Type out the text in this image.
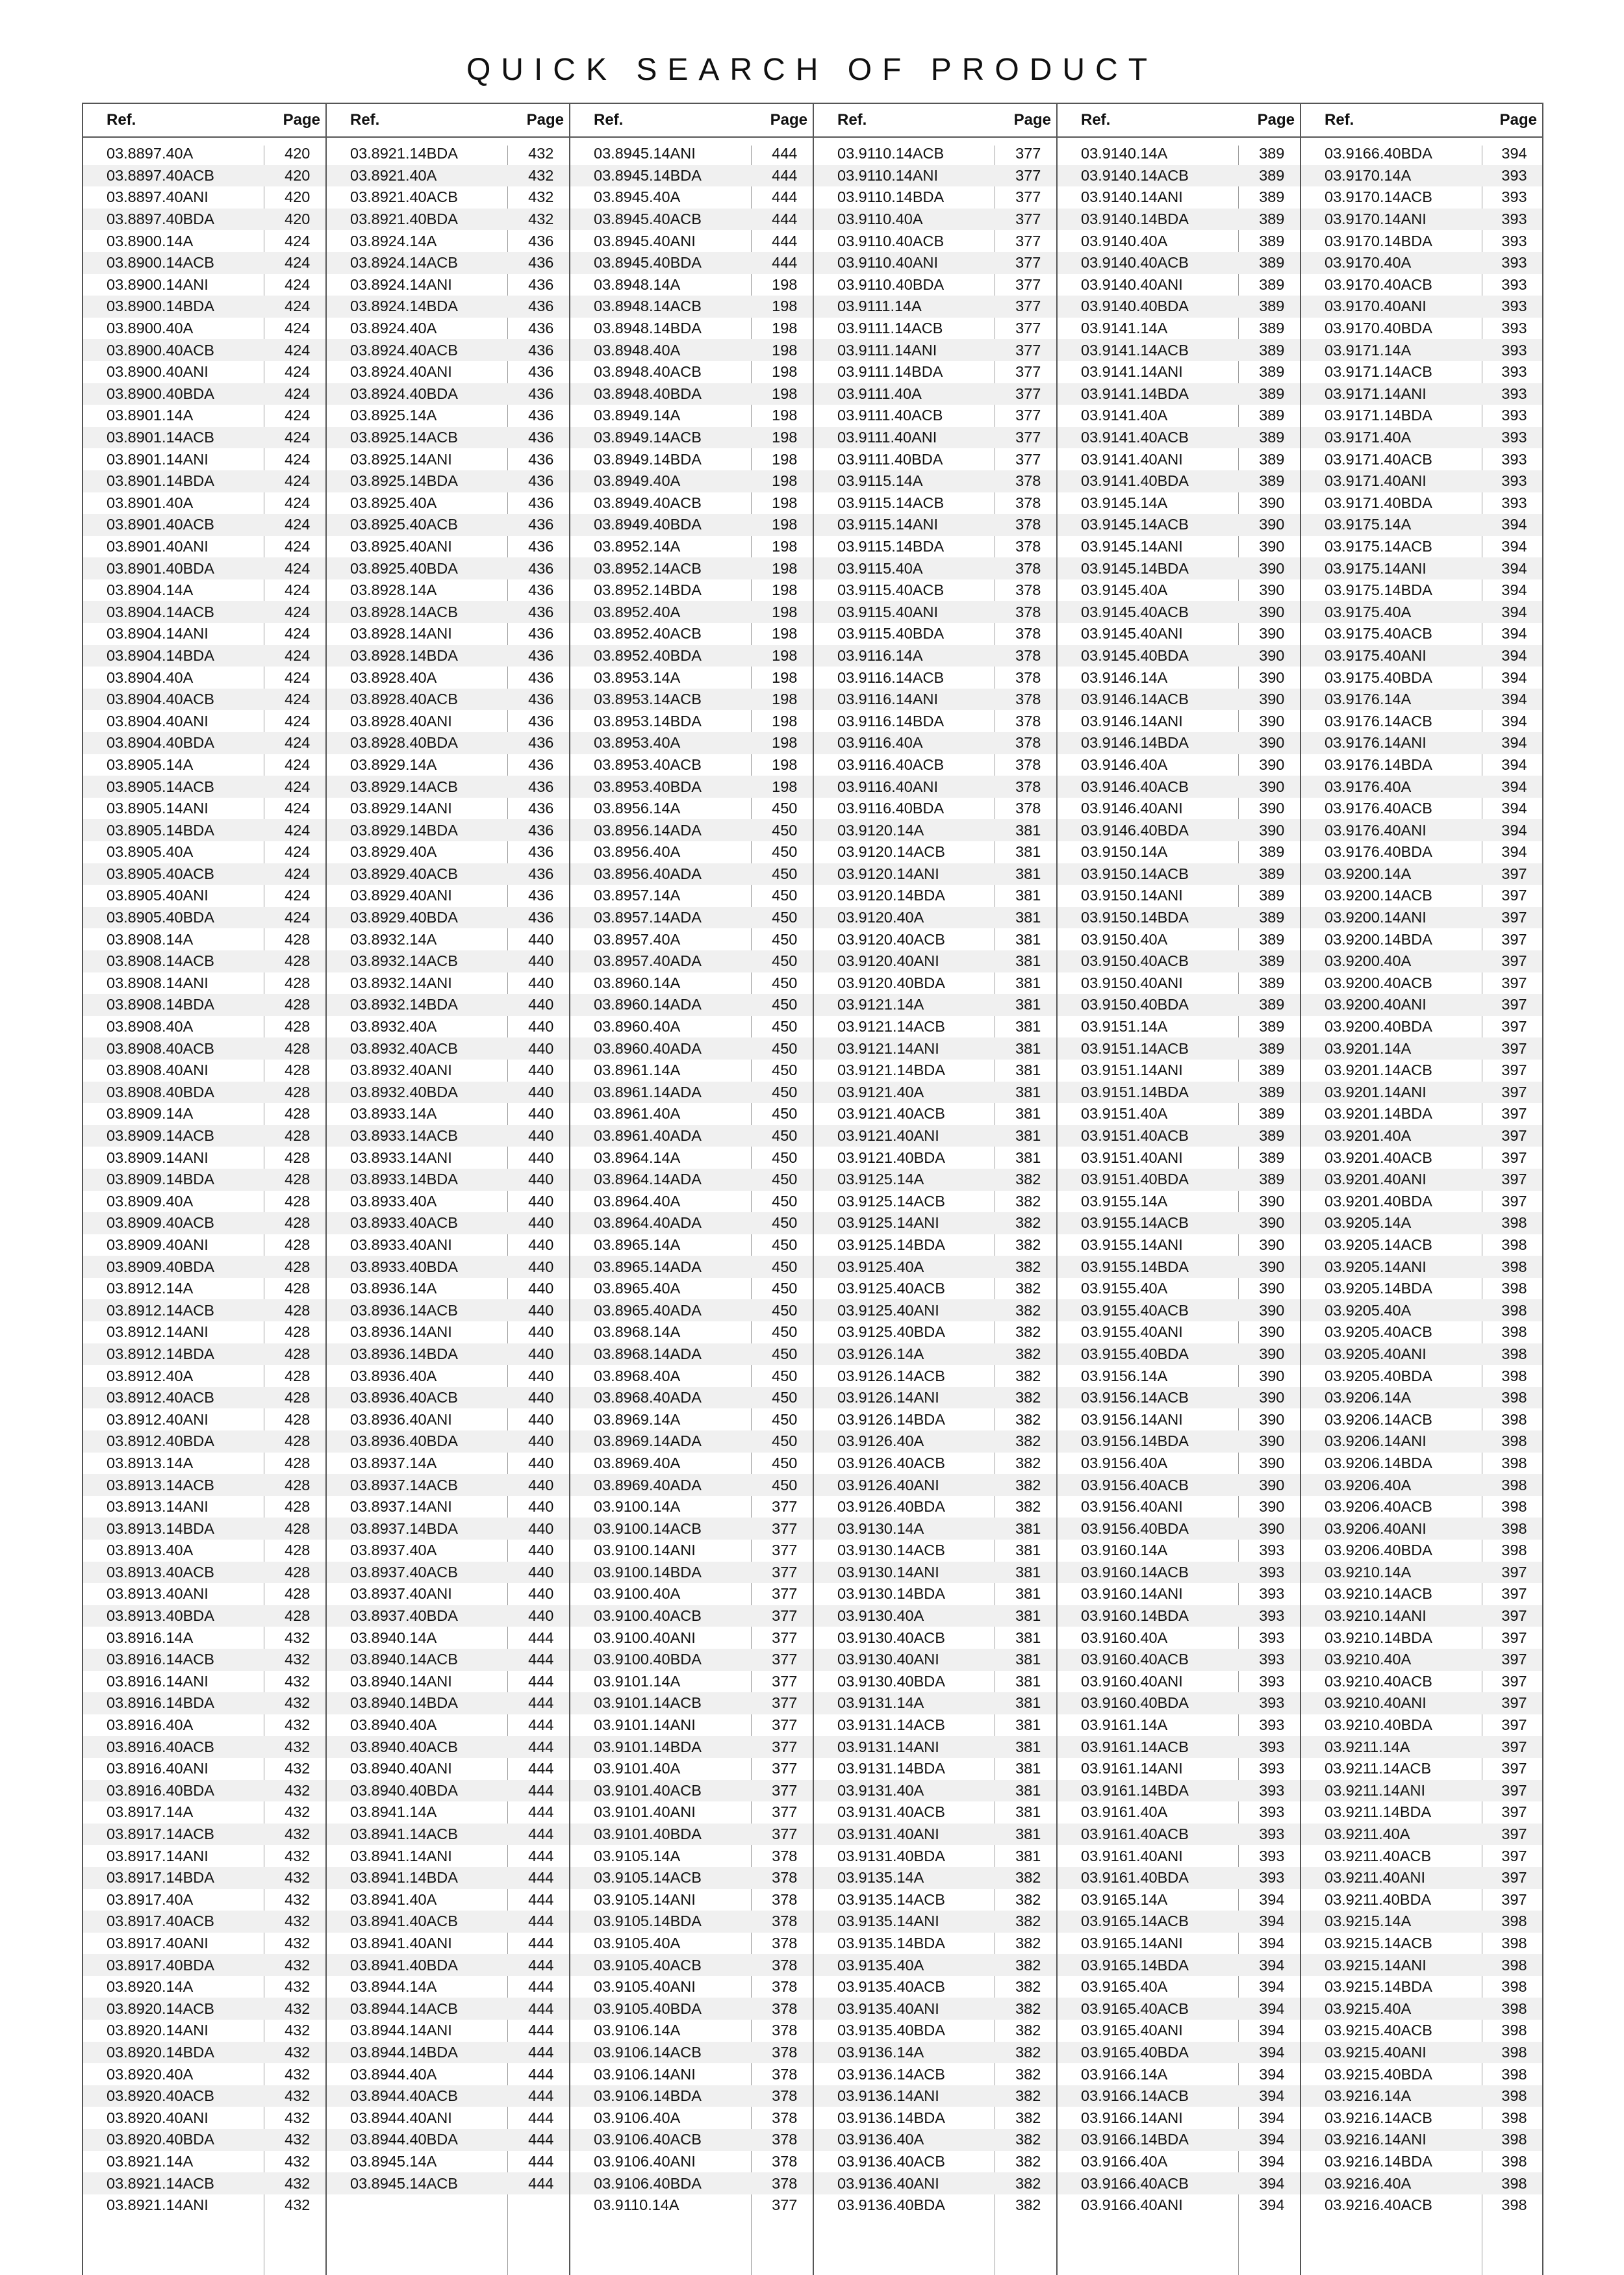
QUICK SEARCH OF PRODUCT
Ref.	Page
03.8897.40A	420
03.8897.40ACB	420
03.8897.40ANI	420
03.8897.40BDA	420
03.8900.14A	424
03.8900.14ACB	424
03.8900.14ANI	424
03.8900.14BDA	424
03.8900.40A	424
03.8900.40ACB	424
03.8900.40ANI	424
03.8900.40BDA	424
03.8901.14A	424
03.8901.14ACB	424
03.8901.14ANI	424
03.8901.14BDA	424
03.8901.40A	424
03.8901.40ACB	424
03.8901.40ANI	424
03.8901.40BDA	424
03.8904.14A	424
03.8904.14ACB	424
03.8904.14ANI	424
03.8904.14BDA	424
03.8904.40A	424
03.8904.40ACB	424
03.8904.40ANI	424
03.8904.40BDA	424
03.8905.14A	424
03.8905.14ACB	424
03.8905.14ANI	424
03.8905.14BDA	424
03.8905.40A	424
03.8905.40ACB	424
03.8905.40ANI	424
03.8905.40BDA	424
03.8908.14A	428
03.8908.14ACB	428
03.8908.14ANI	428
03.8908.14BDA	428
03.8908.40A	428
03.8908.40ACB	428
03.8908.40ANI	428
03.8908.40BDA	428
03.8909.14A	428
03.8909.14ACB	428
03.8909.14ANI	428
03.8909.14BDA	428
03.8909.40A	428
03.8909.40ACB	428
03.8909.40ANI	428
03.8909.40BDA	428
03.8912.14A	428
03.8912.14ACB	428
03.8912.14ANI	428
03.8912.14BDA	428
03.8912.40A	428
03.8912.40ACB	428
03.8912.40ANI	428
03.8912.40BDA	428
03.8913.14A	428
03.8913.14ACB	428
03.8913.14ANI	428
03.8913.14BDA	428
03.8913.40A	428
03.8913.40ACB	428
03.8913.40ANI	428
03.8913.40BDA	428
03.8916.14A	432
03.8916.14ACB	432
03.8916.14ANI	432
03.8916.14BDA	432
03.8916.40A	432
03.8916.40ACB	432
03.8916.40ANI	432
03.8916.40BDA	432
03.8917.14A	432
03.8917.14ACB	432
03.8917.14ANI	432
03.8917.14BDA	432
03.8917.40A	432
03.8917.40ACB	432
03.8917.40ANI	432
03.8917.40BDA	432
03.8920.14A	432
03.8920.14ACB	432
03.8920.14ANI	432
03.8920.14BDA	432
03.8920.40A	432
03.8920.40ACB	432
03.8920.40ANI	432
03.8920.40BDA	432
03.8921.14A	432
03.8921.14ACB	432
03.8921.14ANI	432
Ref.	Page
03.8921.14BDA	432
03.8921.40A	432
03.8921.40ACB	432
03.8921.40BDA	432
03.8924.14A	436
03.8924.14ACB	436
03.8924.14ANI	436
03.8924.14BDA	436
03.8924.40A	436
03.8924.40ACB	436
03.8924.40ANI	436
03.8924.40BDA	436
03.8925.14A	436
03.8925.14ACB	436
03.8925.14ANI	436
03.8925.14BDA	436
03.8925.40A	436
03.8925.40ACB	436
03.8925.40ANI	436
03.8925.40BDA	436
03.8928.14A	436
03.8928.14ACB	436
03.8928.14ANI	436
03.8928.14BDA	436
03.8928.40A	436
03.8928.40ACB	436
03.8928.40ANI	436
03.8928.40BDA	436
03.8929.14A	436
03.8929.14ACB	436
03.8929.14ANI	436
03.8929.14BDA	436
03.8929.40A	436
03.8929.40ACB	436
03.8929.40ANI	436
03.8929.40BDA	436
03.8932.14A	440
03.8932.14ACB	440
03.8932.14ANI	440
03.8932.14BDA	440
03.8932.40A	440
03.8932.40ACB	440
03.8932.40ANI	440
03.8932.40BDA	440
03.8933.14A	440
03.8933.14ACB	440
03.8933.14ANI	440
03.8933.14BDA	440
03.8933.40A	440
03.8933.40ACB	440
03.8933.40ANI	440
03.8933.40BDA	440
03.8936.14A	440
03.8936.14ACB	440
03.8936.14ANI	440
03.8936.14BDA	440
03.8936.40A	440
03.8936.40ACB	440
03.8936.40ANI	440
03.8936.40BDA	440
03.8937.14A	440
03.8937.14ACB	440
03.8937.14ANI	440
03.8937.14BDA	440
03.8937.40A	440
03.8937.40ACB	440
03.8937.40ANI	440
03.8937.40BDA	440
03.8940.14A	444
03.8940.14ACB	444
03.8940.14ANI	444
03.8940.14BDA	444
03.8940.40A	444
03.8940.40ACB	444
03.8940.40ANI	444
03.8940.40BDA	444
03.8941.14A	444
03.8941.14ACB	444
03.8941.14ANI	444
03.8941.14BDA	444
03.8941.40A	444
03.8941.40ACB	444
03.8941.40ANI	444
03.8941.40BDA	444
03.8944.14A	444
03.8944.14ACB	444
03.8944.14ANI	444
03.8944.14BDA	444
03.8944.40A	444
03.8944.40ACB	444
03.8944.40ANI	444
03.8944.40BDA	444
03.8945.14A	444
03.8945.14ACB	444
Ref.	Page
03.8945.14ANI	444
03.8945.14BDA	444
03.8945.40A	444
03.8945.40ACB	444
03.8945.40ANI	444
03.8945.40BDA	444
03.8948.14A	198
03.8948.14ACB	198
03.8948.14BDA	198
03.8948.40A	198
03.8948.40ACB	198
03.8948.40BDA	198
03.8949.14A	198
03.8949.14ACB	198
03.8949.14BDA	198
03.8949.40A	198
03.8949.40ACB	198
03.8949.40BDA	198
03.8952.14A	198
03.8952.14ACB	198
03.8952.14BDA	198
03.8952.40A	198
03.8952.40ACB	198
03.8952.40BDA	198
03.8953.14A	198
03.8953.14ACB	198
03.8953.14BDA	198
03.8953.40A	198
03.8953.40ACB	198
03.8953.40BDA	198
03.8956.14A	450
03.8956.14ADA	450
03.8956.40A	450
03.8956.40ADA	450
03.8957.14A	450
03.8957.14ADA	450
03.8957.40A	450
03.8957.40ADA	450
03.8960.14A	450
03.8960.14ADA	450
03.8960.40A	450
03.8960.40ADA	450
03.8961.14A	450
03.8961.14ADA	450
03.8961.40A	450
03.8961.40ADA	450
03.8964.14A	450
03.8964.14ADA	450
03.8964.40A	450
03.8964.40ADA	450
03.8965.14A	450
03.8965.14ADA	450
03.8965.40A	450
03.8965.40ADA	450
03.8968.14A	450
03.8968.14ADA	450
03.8968.40A	450
03.8968.40ADA	450
03.8969.14A	450
03.8969.14ADA	450
03.8969.40A	450
03.8969.40ADA	450
03.9100.14A	377
03.9100.14ACB	377
03.9100.14ANI	377
03.9100.14BDA	377
03.9100.40A	377
03.9100.40ACB	377
03.9100.40ANI	377
03.9100.40BDA	377
03.9101.14A	377
03.9101.14ACB	377
03.9101.14ANI	377
03.9101.14BDA	377
03.9101.40A	377
03.9101.40ACB	377
03.9101.40ANI	377
03.9101.40BDA	377
03.9105.14A	378
03.9105.14ACB	378
03.9105.14ANI	378
03.9105.14BDA	378
03.9105.40A	378
03.9105.40ACB	378
03.9105.40ANI	378
03.9105.40BDA	378
03.9106.14A	378
03.9106.14ACB	378
03.9106.14ANI	378
03.9106.14BDA	378
03.9106.40A	378
03.9106.40ACB	378
03.9106.40ANI	378
03.9106.40BDA	378
03.9110.14A	377
Ref.	Page
03.9110.14ACB	377
03.9110.14ANI	377
03.9110.14BDA	377
03.9110.40A	377
03.9110.40ACB	377
03.9110.40ANI	377
03.9110.40BDA	377
03.9111.14A	377
03.9111.14ACB	377
03.9111.14ANI	377
03.9111.14BDA	377
03.9111.40A	377
03.9111.40ACB	377
03.9111.40ANI	377
03.9111.40BDA	377
03.9115.14A	378
03.9115.14ACB	378
03.9115.14ANI	378
03.9115.14BDA	378
03.9115.40A	378
03.9115.40ACB	378
03.9115.40ANI	378
03.9115.40BDA	378
03.9116.14A	378
03.9116.14ACB	378
03.9116.14ANI	378
03.9116.14BDA	378
03.9116.40A	378
03.9116.40ACB	378
03.9116.40ANI	378
03.9116.40BDA	378
03.9120.14A	381
03.9120.14ACB	381
03.9120.14ANI	381
03.9120.14BDA	381
03.9120.40A	381
03.9120.40ACB	381
03.9120.40ANI	381
03.9120.40BDA	381
03.9121.14A	381
03.9121.14ACB	381
03.9121.14ANI	381
03.9121.14BDA	381
03.9121.40A	381
03.9121.40ACB	381
03.9121.40ANI	381
03.9121.40BDA	381
03.9125.14A	382
03.9125.14ACB	382
03.9125.14ANI	382
03.9125.14BDA	382
03.9125.40A	382
03.9125.40ACB	382
03.9125.40ANI	382
03.9125.40BDA	382
03.9126.14A	382
03.9126.14ACB	382
03.9126.14ANI	382
03.9126.14BDA	382
03.9126.40A	382
03.9126.40ACB	382
03.9126.40ANI	382
03.9126.40BDA	382
03.9130.14A	381
03.9130.14ACB	381
03.9130.14ANI	381
03.9130.14BDA	381
03.9130.40A	381
03.9130.40ACB	381
03.9130.40ANI	381
03.9130.40BDA	381
03.9131.14A	381
03.9131.14ACB	381
03.9131.14ANI	381
03.9131.14BDA	381
03.9131.40A	381
03.9131.40ACB	381
03.9131.40ANI	381
03.9131.40BDA	381
03.9135.14A	382
03.9135.14ACB	382
03.9135.14ANI	382
03.9135.14BDA	382
03.9135.40A	382
03.9135.40ACB	382
03.9135.40ANI	382
03.9135.40BDA	382
03.9136.14A	382
03.9136.14ACB	382
03.9136.14ANI	382
03.9136.14BDA	382
03.9136.40A	382
03.9136.40ACB	382
03.9136.40ANI	382
03.9136.40BDA	382
Ref.	Page
03.9140.14A	389
03.9140.14ACB	389
03.9140.14ANI	389
03.9140.14BDA	389
03.9140.40A	389
03.9140.40ACB	389
03.9140.40ANI	389
03.9140.40BDA	389
03.9141.14A	389
03.9141.14ACB	389
03.9141.14ANI	389
03.9141.14BDA	389
03.9141.40A	389
03.9141.40ACB	389
03.9141.40ANI	389
03.9141.40BDA	389
03.9145.14A	390
03.9145.14ACB	390
03.9145.14ANI	390
03.9145.14BDA	390
03.9145.40A	390
03.9145.40ACB	390
03.9145.40ANI	390
03.9145.40BDA	390
03.9146.14A	390
03.9146.14ACB	390
03.9146.14ANI	390
03.9146.14BDA	390
03.9146.40A	390
03.9146.40ACB	390
03.9146.40ANI	390
03.9146.40BDA	390
03.9150.14A	389
03.9150.14ACB	389
03.9150.14ANI	389
03.9150.14BDA	389
03.9150.40A	389
03.9150.40ACB	389
03.9150.40ANI	389
03.9150.40BDA	389
03.9151.14A	389
03.9151.14ACB	389
03.9151.14ANI	389
03.9151.14BDA	389
03.9151.40A	389
03.9151.40ACB	389
03.9151.40ANI	389
03.9151.40BDA	389
03.9155.14A	390
03.9155.14ACB	390
03.9155.14ANI	390
03.9155.14BDA	390
03.9155.40A	390
03.9155.40ACB	390
03.9155.40ANI	390
03.9155.40BDA	390
03.9156.14A	390
03.9156.14ACB	390
03.9156.14ANI	390
03.9156.14BDA	390
03.9156.40A	390
03.9156.40ACB	390
03.9156.40ANI	390
03.9156.40BDA	390
03.9160.14A	393
03.9160.14ACB	393
03.9160.14ANI	393
03.9160.14BDA	393
03.9160.40A	393
03.9160.40ACB	393
03.9160.40ANI	393
03.9160.40BDA	393
03.9161.14A	393
03.9161.14ACB	393
03.9161.14ANI	393
03.9161.14BDA	393
03.9161.40A	393
03.9161.40ACB	393
03.9161.40ANI	393
03.9161.40BDA	393
03.9165.14A	394
03.9165.14ACB	394
03.9165.14ANI	394
03.9165.14BDA	394
03.9165.40A	394
03.9165.40ACB	394
03.9165.40ANI	394
03.9165.40BDA	394
03.9166.14A	394
03.9166.14ACB	394
03.9166.14ANI	394
03.9166.14BDA	394
03.9166.40A	394
03.9166.40ACB	394
03.9166.40ANI	394
Ref.	Page
03.9166.40BDA	394
03.9170.14A	393
03.9170.14ACB	393
03.9170.14ANI	393
03.9170.14BDA	393
03.9170.40A	393
03.9170.40ACB	393
03.9170.40ANI	393
03.9170.40BDA	393
03.9171.14A	393
03.9171.14ACB	393
03.9171.14ANI	393
03.9171.14BDA	393
03.9171.40A	393
03.9171.40ACB	393
03.9171.40ANI	393
03.9171.40BDA	393
03.9175.14A	394
03.9175.14ACB	394
03.9175.14ANI	394
03.9175.14BDA	394
03.9175.40A	394
03.9175.40ACB	394
03.9175.40ANI	394
03.9175.40BDA	394
03.9176.14A	394
03.9176.14ACB	394
03.9176.14ANI	394
03.9176.14BDA	394
03.9176.40A	394
03.9176.40ACB	394
03.9176.40ANI	394
03.9176.40BDA	394
03.9200.14A	397
03.9200.14ACB	397
03.9200.14ANI	397
03.9200.14BDA	397
03.9200.40A	397
03.9200.40ACB	397
03.9200.40ANI	397
03.9200.40BDA	397
03.9201.14A	397
03.9201.14ACB	397
03.9201.14ANI	397
03.9201.14BDA	397
03.9201.40A	397
03.9201.40ACB	397
03.9201.40ANI	397
03.9201.40BDA	397
03.9205.14A	398
03.9205.14ACB	398
03.9205.14ANI	398
03.9205.14BDA	398
03.9205.40A	398
03.9205.40ACB	398
03.9205.40ANI	398
03.9205.40BDA	398
03.9206.14A	398
03.9206.14ACB	398
03.9206.14ANI	398
03.9206.14BDA	398
03.9206.40A	398
03.9206.40ACB	398
03.9206.40ANI	398
03.9206.40BDA	398
03.9210.14A	397
03.9210.14ACB	397
03.9210.14ANI	397
03.9210.14BDA	397
03.9210.40A	397
03.9210.40ACB	397
03.9210.40ANI	397
03.9210.40BDA	397
03.9211.14A	397
03.9211.14ACB	397
03.9211.14ANI	397
03.9211.14BDA	397
03.9211.40A	397
03.9211.40ACB	397
03.9211.40ANI	397
03.9211.40BDA	397
03.9215.14A	398
03.9215.14ACB	398
03.9215.14ANI	398
03.9215.14BDA	398
03.9215.40A	398
03.9215.40ACB	398
03.9215.40ANI	398
03.9215.40BDA	398
03.9216.14A	398
03.9216.14ACB	398
03.9216.14ANI	398
03.9216.14BDA	398
03.9216.40A	398
03.9216.40ACB	398
